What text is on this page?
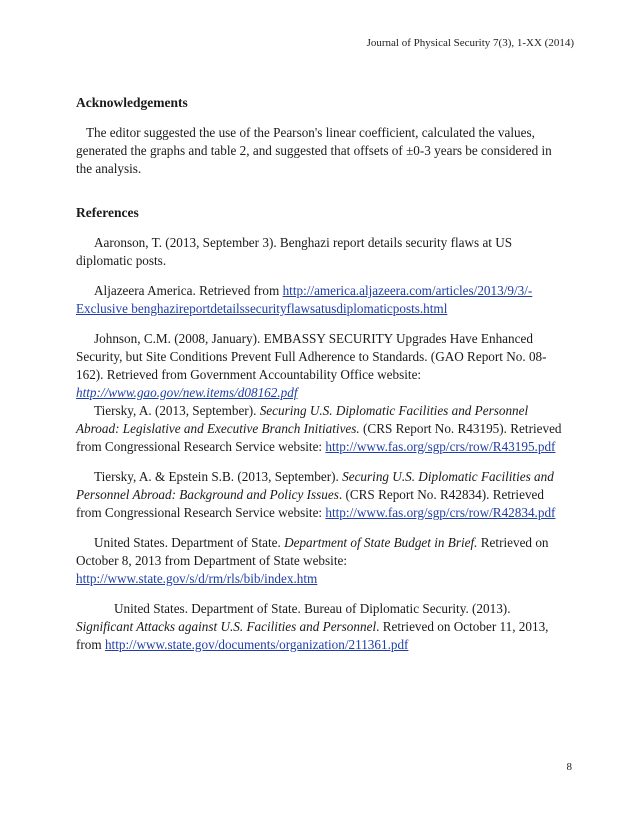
Journal of Physical Security 7(3), 1-XX (2014)
Acknowledgements

The editor suggested the use of the Pearson's linear coefficient, calculated the values, generated the graphs and table 2, and suggested that offsets of ±0-3 years be considered in the analysis.

References

Aaronson, T. (2013, September 3). Benghazi report details security flaws at US diplomatic posts.

Aljazeera America. Retrieved from http://america.aljazeera.com/articles/2013/9/3/-Exclusive benghazireportdetailssecurityflawsatusdiplomaticposts.html

Johnson, C.M. (2008, January). EMBASSY SECURITY Upgrades Have Enhanced Security, but Site Conditions Prevent Full Adherence to Standards. (GAO Report No. 08-162). Retrieved from Government Accountability Office website: http://www.gao.gov/new.items/d08162.pdf

Tiersky, A. (2013, September). Securing U.S. Diplomatic Facilities and Personnel Abroad: Legislative and Executive Branch Initiatives. (CRS Report No. R43195). Retrieved from Congressional Research Service website: http://www.fas.org/sgp/crs/row/R43195.pdf

Tiersky, A. & Epstein S.B. (2013, September). Securing U.S. Diplomatic Facilities and Personnel Abroad: Background and Policy Issues. (CRS Report No. R42834). Retrieved from Congressional Research Service website: http://www.fas.org/sgp/crs/row/R42834.pdf

United States. Department of State. Department of State Budget in Brief. Retrieved on October 8, 2013 from Department of State website: http://www.state.gov/s/d/rm/rls/bib/index.htm

United States. Department of State. Bureau of Diplomatic Security. (2013). Significant Attacks against U.S. Facilities and Personnel. Retrieved on October 11, 2013, from http://www.state.gov/documents/organization/211361.pdf

8
